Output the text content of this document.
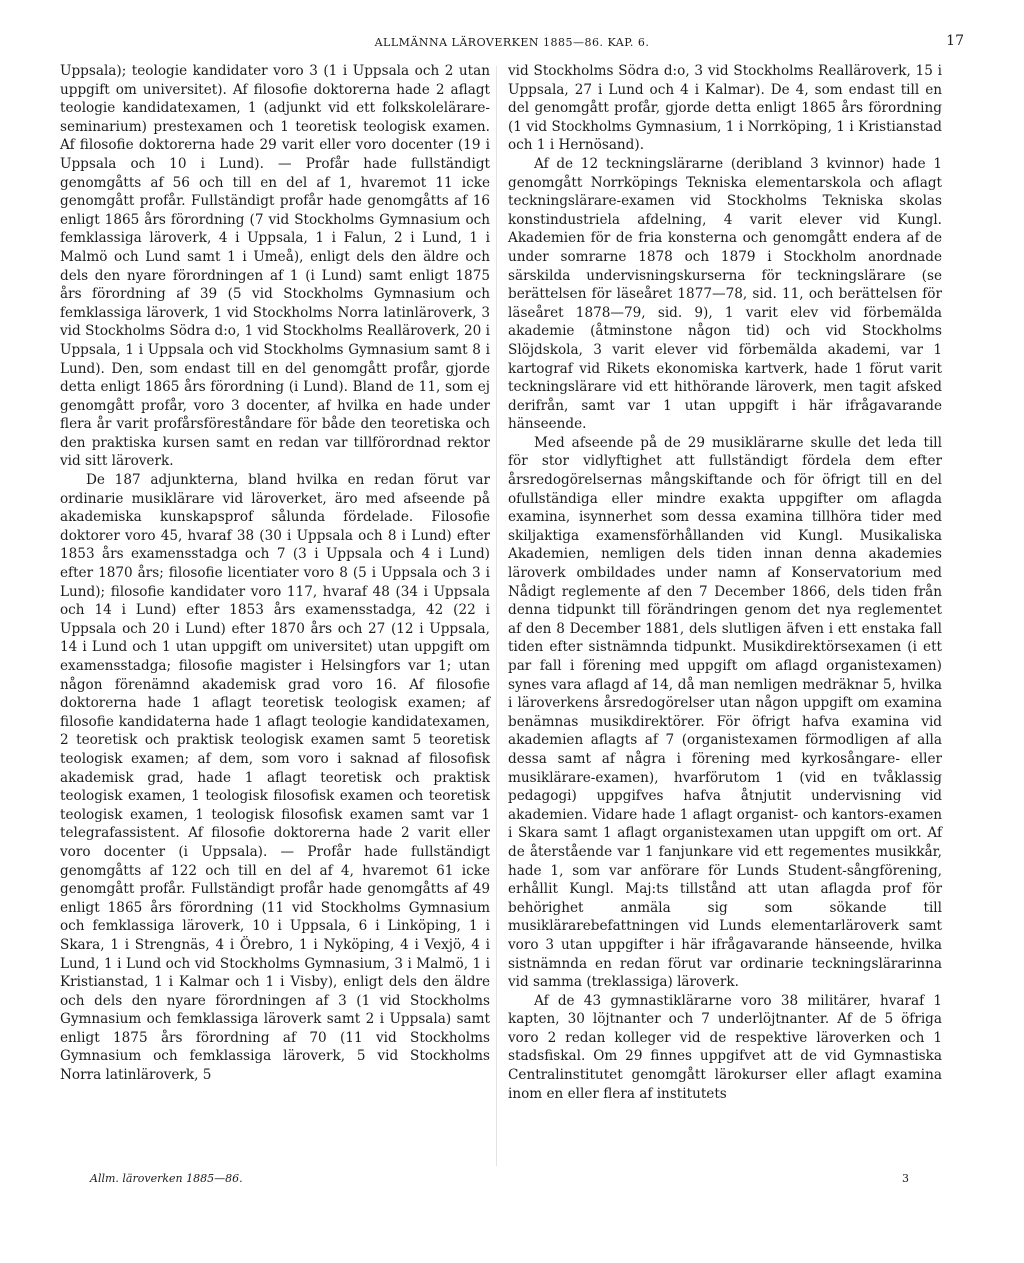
ALLMÄNNA LÄROVERKEN 1885—86. KAP. 6.	17

Uppsala); teologie kandidater voro 3 (1 i Uppsala och 2 utan uppgift om universitet). Af filosofie doktorerna hade 2 aflagt teologie kandidatexamen, 1 (adjunkt vid ett folkskolelärare-seminarium) prestexamen och 1 teoretisk teologisk examen. Af filosofie doktorerna hade 29 varit eller voro docenter (19 i Uppsala och 10 i Lund). — Profår hade fullständigt genomgåtts af 56 och till en del af 1, hvaremot 11 icke genomgått profår. Fullständigt profår hade genomgåtts af 16 enligt 1865 års förordning (7 vid Stockholms Gymnasium och femklassiga läroverk, 4 i Uppsala, 1 i Falun, 2 i Lund, 1 i Malmö och Lund samt 1 i Umeå), enligt dels den äldre och dels den nyare förordningen af 1 (i Lund) samt enligt 1875 års förordning af 39 (5 vid Stockholms Gymnasium och femklassiga läroverk, 1 vid Stockholms Norra latinläroverk, 3 vid Stockholms Södra d:o, 1 vid Stockholms Realläroverk, 20 i Uppsala, 1 i Uppsala och vid Stockholms Gymnasium samt 8 i Lund). Den, som endast till en del genomgått profår, gjorde detta enligt 1865 års förordning (i Lund). Bland de 11, som ej genomgått profår, voro 3 docenter, af hvilka en hade under flera år varit profårsföreståndare för både den teoretiska och den praktiska kursen samt en redan var tillförordnad rektor vid sitt läroverk.

De 187 adjunkterna, bland hvilka en redan förut var ordinarie musiklärare vid läroverket, äro med afseende på akademiska kunskapsprof sålunda fördelade. Filosofie doktorer voro 45, hvaraf 38 (30 i Uppsala och 8 i Lund) efter 1853 års examensstadga och 7 (3 i Uppsala och 4 i Lund) efter 1870 års; filosofie licentiater voro 8 (5 i Uppsala och 3 i Lund); filosofie kandidater voro 117, hvaraf 48 (34 i Uppsala och 14 i Lund) efter 1853 års examensstadga, 42 (22 i Uppsala och 20 i Lund) efter 1870 års och 27 (12 i Uppsala, 14 i Lund och 1 utan uppgift om universitet) utan uppgift om examensstadga; filosofie magister i Helsingfors var 1; utan någon förenämnd akademisk grad voro 16. Af filosofie doktorerna hade 1 aflagt teoretisk teologisk examen; af filosofie kandidaterna hade 1 aflagt teologie kandidatexamen, 2 teoretisk och praktisk teologisk examen samt 5 teoretisk teologisk examen; af dem, som voro i saknad af filosofisk akademisk grad, hade 1 aflagt teoretisk och praktisk teologisk examen, 1 teologisk filosofisk examen och teoretisk teologisk examen, 1 teologisk filosofisk examen samt var 1 telegrafassistent. Af filosofie doktorerna hade 2 varit eller voro docenter (i Uppsala). — Profår hade fullständigt genomgåtts af 122 och till en del af 4, hvaremot 61 icke genomgått profår. Fullständigt profår hade genomgåtts af 49 enligt 1865 års förordning (11 vid Stockholms Gymnasium och femklassiga läroverk, 10 i Uppsala, 6 i Linköping, 1 i Skara, 1 i Strengnäs, 4 i Örebro, 1 i Nyköping, 4 i Vexjö, 4 i Lund, 1 i Lund och vid Stockholms Gymnasium, 3 i Malmö, 1 i Kristianstad, 1 i Kalmar och 1 i Visby), enligt dels den äldre och dels den nyare förordningen af 3 (1 vid Stockholms Gymnasium och femklassiga läroverk samt 2 i Uppsala) samt enligt 1875 års förordning af 70 (11 vid Stockholms Gymnasium och femklassiga läroverk, 5 vid Stockholms Norra latinläroverk, 5

vid Stockholms Södra d:o, 3 vid Stockholms Realläroverk, 15 i Uppsala, 27 i Lund och 4 i Kalmar). De 4, som endast till en del genomgått profår, gjorde detta enligt 1865 års förordning (1 vid Stockholms Gymnasium, 1 i Norrköping, 1 i Kristianstad och 1 i Hernösand).

Af de 12 teckningslärarne (deribland 3 kvinnor) hade 1 genomgått Norrköpings Tekniska elementarskola och aflagt teckningslärare-examen vid Stockholms Tekniska skolas konstindustriela afdelning, 4 varit elever vid Kungl. Akademien för de fria konsterna och genomgått endera af de under somrarne 1878 och 1879 i Stockholm anordnade särskilda undervisningskurserna för teckningslärare (se berättelsen för läseåret 1877—78, sid. 11, och berättelsen för läseåret 1878—79, sid. 9), 1 varit elev vid förbemälda akademie (åtminstone någon tid) och vid Stockholms Slöjdskola, 3 varit elever vid förbemälda akademi, var 1 kartograf vid Rikets ekonomiska kartverk, hade 1 förut varit teckningslärare vid ett hithörande läroverk, men tagit afsked derifrån, samt var 1 utan uppgift i här ifrågavarande hänseende.

Med afseende på de 29 musiklärarne skulle det leda till för stor vidlyftighet att fullständigt fördela dem efter årsredogörelsernas mångskiftande och för öfrigt till en del ofullständiga eller mindre exakta uppgifter om aflagda examina, isynnerhet som dessa examina tillhöra tider med skiljaktiga examensförhållanden vid Kungl. Musikaliska Akademien, nemligen dels tiden innan denna akademies läroverk ombildades under namn af Konservatorium med Nådigt reglemente af den 7 December 1866, dels tiden från denna tidpunkt till förändringen genom det nya reglementet af den 8 December 1881, dels slutligen äfven i ett enstaka fall tiden efter sistnämnda tidpunkt. Musikdirektörsexamen (i ett par fall i förening med uppgift om aflagd organistexamen) synes vara aflagd af 14, då man nemligen medräknar 5, hvilka i läroverkens årsredogörelser utan någon uppgift om examina benämnas musikdirektörer. För öfrigt hafva examina vid akademien aflagts af 7 (organistexamen förmodligen af alla dessa samt af några i förening med kyrkosångare- eller musiklärare-examen), hvarförutom 1 (vid en tvåklassig pedagogi) uppgifves hafva åtnjutit undervisning vid akademien. Vidare hade 1 aflagt organist- och kantors-examen i Skara samt 1 aflagt organistexamen utan uppgift om ort. Af de återstående var 1 fanjunkare vid ett regementes musikkår, hade 1, som var anförare för Lunds Student-sångförening, erhållit Kungl. Maj:ts tillstånd att utan aflagda prof för behörighet anmäla sig som sökande till musiklärarebefattningen vid Lunds elementarläroverk samt voro 3 utan uppgifter i här ifrågavarande hänseende, hvilka sistnämnda en redan förut var ordinarie teckningslärarinna vid samma (treklassiga) läroverk.

Af de 43 gymnastiklärarne voro 38 militärer, hvaraf 1 kapten, 30 löjtnanter och 7 underlöjtnanter. Af de 5 öfriga voro 2 redan kolleger vid de respektive läroverken och 1 stadsfiskal. Om 29 finnes uppgifvet att de vid Gymnastiska Centralinstitutet genomgått lärokurser eller aflagt examina inom en eller flera af institutets

Allm. läroverken 1885—86.	3
